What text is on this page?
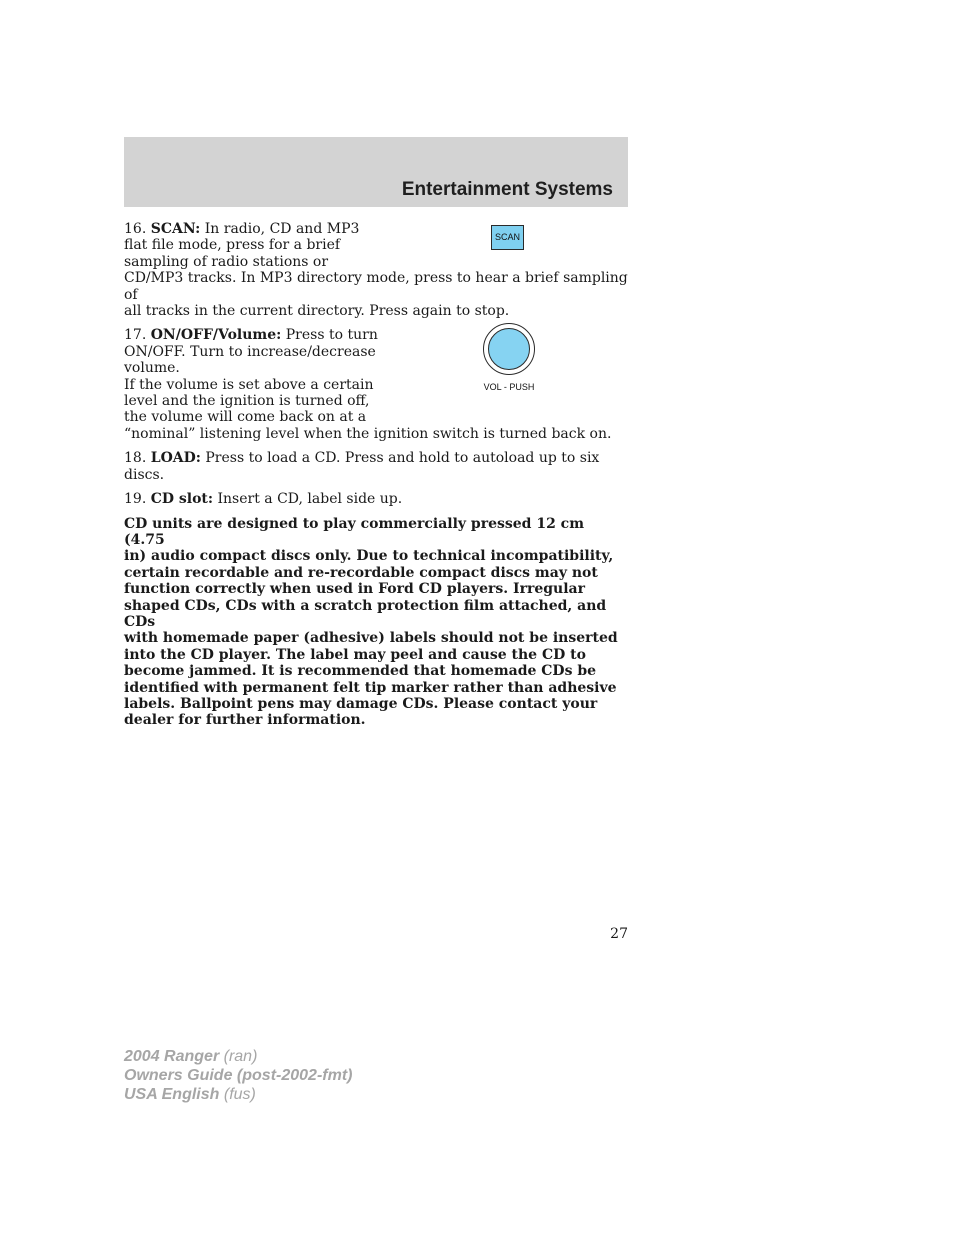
Entertainment Systems
16. SCAN: In radio, CD and MP3
flat file mode, press for a brief
sampling of radio stations or
CD/MP3 tracks. In MP3 directory mode, press to hear a brief sampling of
all tracks in the current directory. Press again to stop.
SCAN
17. ON/OFF/Volume: Press to turn
ON/OFF. Turn to increase/decrease
volume.
If the volume is set above a certain
level and the ignition is turned off,
the volume will come back on at a
“nominal” listening level when the ignition switch is turned back on.
VOL - PUSH
18. LOAD: Press to load a CD. Press and hold to autoload up to six
discs.
19. CD slot: Insert a CD, label side up.

CD units are designed to play commercially pressed 12 cm (4.75
in) audio compact discs only. Due to technical incompatibility,
certain recordable and re-recordable compact discs may not
function correctly when used in Ford CD players. Irregular
shaped CDs, CDs with a scratch protection film attached, and CDs
with homemade paper (adhesive) labels should not be inserted
into the CD player. The label may peel and cause the CD to
become jammed. It is recommended that homemade CDs be
identified with permanent felt tip marker rather than adhesive
labels. Ballpoint pens may damage CDs. Please contact your
dealer for further information.

27
2004 Ranger (ran)
Owners Guide (post-2002-fmt)
USA English (fus)
